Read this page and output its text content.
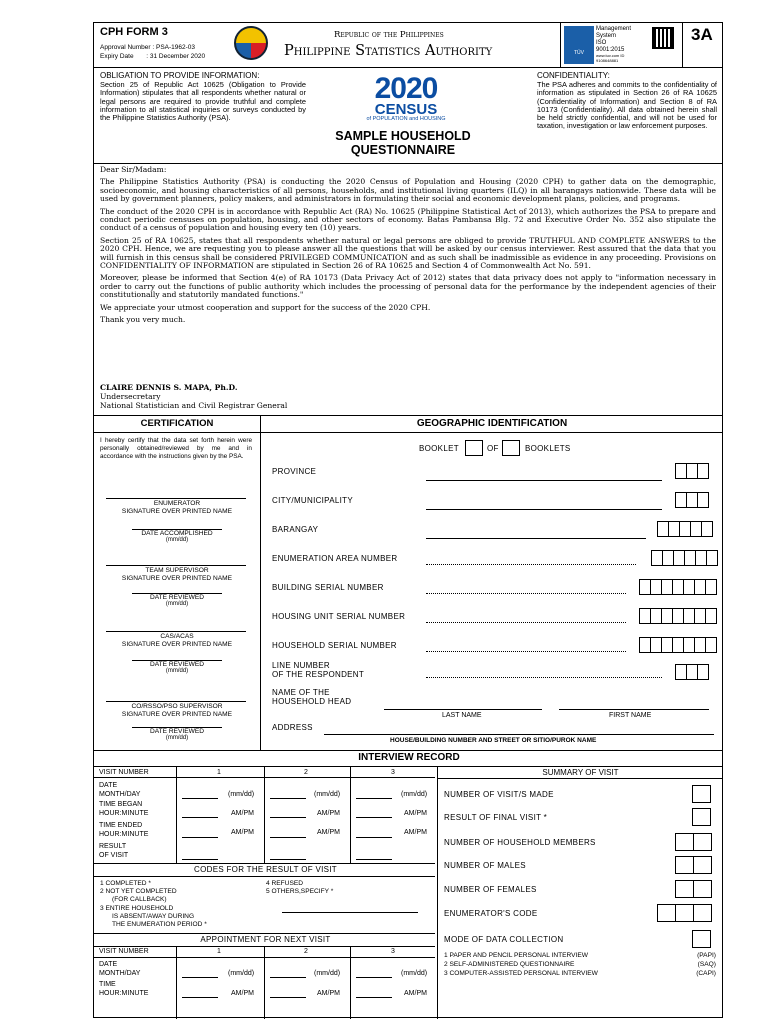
CPH FORM 3
Approval Number : PSA-1962-03
Expiry Date       : 31 December 2020
Republic of the Philippines
Philippine Statistics Authority	TÜV
Management System
ISO 9001:2015
www.tuv.com ID 9108648881
3A
OBLIGATION TO PROVIDE INFORMATION:
Section 25 of Republic Act 10625 (Obligation to Provide Information) stipulates that all respondents whether natural or legal persons are required to provide truthful and complete information to all statistical inquiries or surveys conducted by the Philippine Statistics Authority (PSA).
2020
CENSUS
of POPULATION and HOUSING
SAMPLE HOUSEHOLD QUESTIONNAIRE
CONFIDENTIALITY:
The PSA adheres and commits to the confidentiality of information as stipulated in Section 26 of RA 10625 (Confidentiality of Information) and Section 8 of RA 10173 (Confidentiality). All data obtained herein shall be held strictly confidential, and will not be used for taxation, investigation or law enforcement purposes.

Dear Sir/Madam:

The Philippine Statistics Authority (PSA) is conducting the 2020 Census of Population and Housing (2020 CPH) to gather data on the demographic, socioeconomic, and housing characteristics of all persons, households, and institutional living quarters (ILQ) in all barangays nationwide. These data will be used by government planners, policy makers, and administrators in formulating their social and economic development plans, policies, and programs.

The conduct of the 2020 CPH is in accordance with Republic Act (RA) No. 10625 (Philippine Statistical Act of 2013), which authorizes the PSA to prepare and conduct periodic censuses on population, housing, and other sectors of economy. Batas Pambansa Blg. 72 and Executive Order No. 352 also stipulate the conduct of a census of population and housing every ten (10) years.

Section 25 of RA 10625, states that all respondents whether natural or legal persons are obliged to provide TRUTHFUL AND COMPLETE ANSWERS to the 2020 CPH. Hence, we are requesting you to please answer all the questions that will be asked by our census interviewer. Rest assured that the data that you will furnish in this census shall be considered PRIVILEGED COMMUNICATION and as such shall be inadmissible as evidence in any proceeding. Provisions on CONFIDENTIALITY OF INFORMATION are stipulated in Section 26 of RA 10625 and Section 4 of Commonwealth Act No. 591.

Moreover, please be informed that Section 4(e) of RA 10173 (Data Privacy Act of 2012) states that data privacy does not apply to "information necessary in order to carry out the functions of public authority which includes the processing of personal data for the performance by the independent agencies of their constitutionally and statutorily mandated functions."

We appreciate your utmost cooperation and support for the success of the 2020 CPH.

Thank you very much.

CLAIRE DENNIS S. MAPA, Ph.D.
Undersecretary
National Statistician and Civil Registrar General
CERTIFICATION
I hereby certify that the data set forth herein were personally obtained/reviewed by me and in accordance with the instructions given by the PSA.
ENUMERATOR
SIGNATURE OVER PRINTED NAME
DATE ACCOMPLISHED
(mm/dd)
TEAM SUPERVISOR
SIGNATURE OVER PRINTED NAME
DATE REVIEWED
(mm/dd)
CAS/ACAS
SIGNATURE OVER PRINTED NAME
DATE REVIEWED
(mm/dd)
CO/RSSO/PSO SUPERVISOR
SIGNATURE OVER PRINTED NAME
DATE REVIEWED
(mm/dd)
GEOGRAPHIC IDENTIFICATION
BOOKLET	OF	BOOKLETS
PROVINCE
CITY/MUNICIPALITY
BARANGAY
ENUMERATION AREA NUMBER
BUILDING SERIAL NUMBER
HOUSING UNIT SERIAL NUMBER
HOUSEHOLD SERIAL NUMBER
LINE NUMBER
OF THE RESPONDENT
NAME OF THE
HOUSEHOLD HEAD
LAST NAME	FIRST NAME
ADDRESS
HOUSE/BUILDING NUMBER AND STREET OR SITIO/PUROK NAME
INTERVIEW RECORD
VISIT NUMBER	1	2	3
DATE
MONTH/DAY	(mm/dd)	(mm/dd)	(mm/dd)
TIME BEGAN
HOUR:MINUTE	AM/PM	AM/PM	AM/PM
TIME ENDED
HOUR:MINUTE	AM/PM	AM/PM	AM/PM
RESULT
OF VISIT
CODES FOR THE RESULT OF VISIT
1 COMPLETED *
2 NOT YET COMPLETED
(FOR CALLBACK)
3 ENTIRE HOUSEHOLD
IS ABSENT/AWAY DURING
THE ENUMERATION PERIOD *
4 REFUSED
5 OTHERS,SPECIFY *
APPOINTMENT FOR NEXT VISIT
VISIT NUMBER	1	2	3
DATE
MONTH/DAY	(mm/dd)	(mm/dd)	(mm/dd)
TIME
HOUR:MINUTE	AM/PM	AM/PM	AM/PM
SUMMARY OF VISIT
NUMBER OF VISIT/S MADE
RESULT OF FINAL VISIT *
NUMBER OF HOUSEHOLD MEMBERS
NUMBER OF MALES
NUMBER OF FEMALES
ENUMERATOR'S CODE
MODE OF DATA COLLECTION
1 PAPER AND PENCIL PERSONAL INTERVIEW	(PAPI)
2 SELF-ADMINISTERED QUESTIONNAIRE	(SAQ)
3 COMPUTER-ASSISTED PERSONAL INTERVIEW	(CAPI)
